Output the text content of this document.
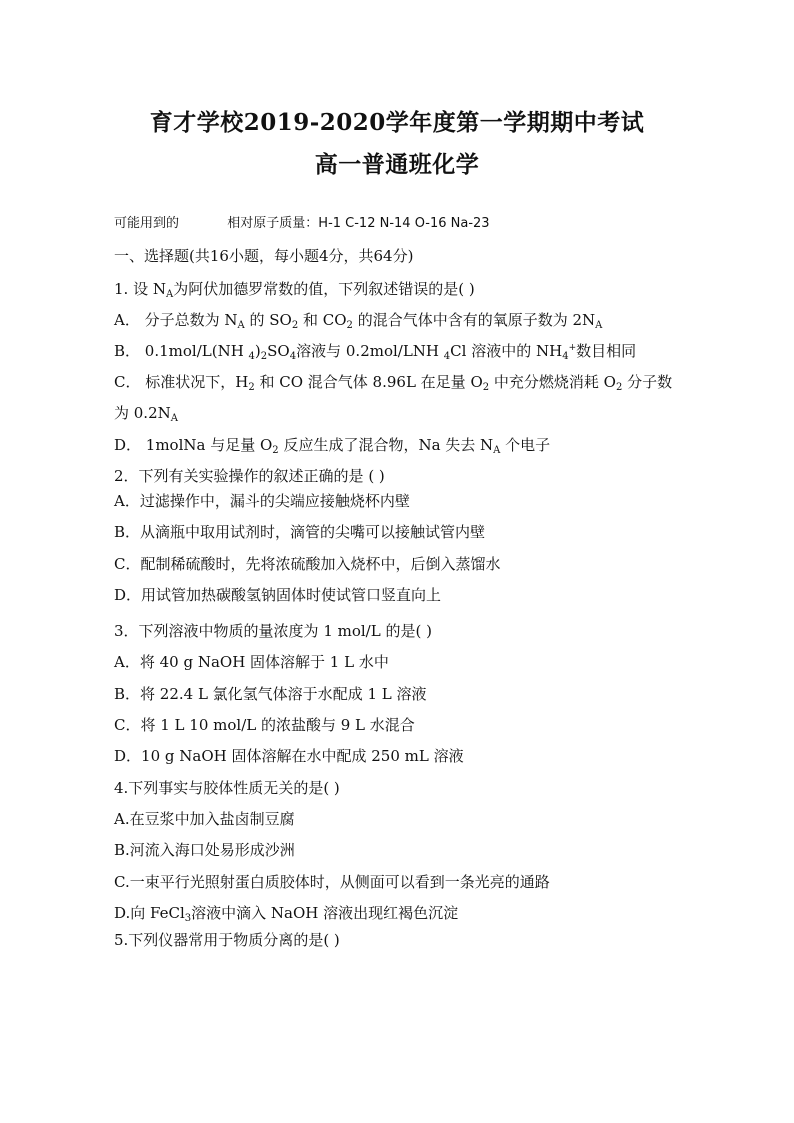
育才学校2019-2020学年度第一学期期中考试
高一普通班化学
可能用到的	相对原子质量：H-1 C-12 N-14 O-16 Na-23
一、选择题(共16小题，每小题4分，共64分)
1. 设 $N_A$为阿伏加德罗常数的值，下列叙述错误的是( )
A． 分子总数为 $N_A$ 的 $SO_2$ 和 $CO_2$ 的混合气体中含有的氧原子数为 $2N_A$
B． 0.1mol/L(NH $_4)_2SO_4$溶液与 0.2mol/LNH $_4$Cl 溶液中的 $NH_4^+$数目相同
C． 标准状况下，$H_2$ 和 CO 混合气体 8.96L 在足量 $O_2$ 中充分燃烧消耗 $O_2$ 分子数
为 $0.2N_A$
D． 1molNa 与足量 $O_2$ 反应生成了混合物，Na 失去 $N_A$ 个电子
2．下列有关实验操作的叙述正确的是 ( )
A．过滤操作中，漏斗的尖端应接触烧杯内壁
B．从滴瓶中取用试剂时，滴管的尖嘴可以接触试管内壁
C．配制稀硫酸时，先将浓硫酸加入烧杯中，后倒入蒸馏水
D．用试管加热碳酸氢钠固体时使试管口竖直向上
3．下列溶液中物质的量浓度为 1 mol/L 的是( )
A．将 40 g NaOH 固体溶解于 1 L 水中
B．将 22.4 L 氯化氢气体溶于水配成 1 L 溶液
C．将 1 L 10 mol/L 的浓盐酸与 9 L 水混合
D．10 g NaOH 固体溶解在水中配成 250 mL 溶液
4.下列事实与胶体性质无关的是( )
A.在豆浆中加入盐卤制豆腐
B.河流入海口处易形成沙洲
C.一束平行光照射蛋白质胶体时，从侧面可以看到一条光亮的通路
D.向 FeCl$_3$溶液中滴入 NaOH 溶液出现红褐色沉淀
5.下列仪器常用于物质分离的是( )
